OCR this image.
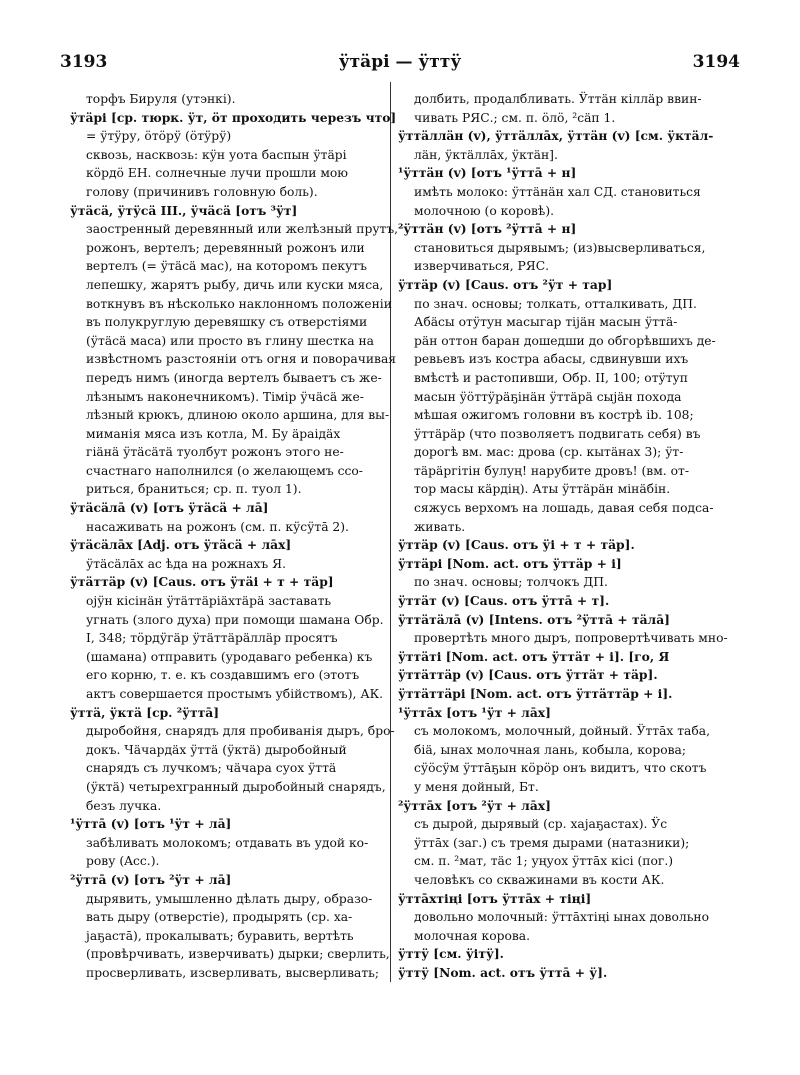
3193	ӱтäрі — ӱттӱ	3194
торфъ Бируля (утэнкі).
ӱтäрі [ср. тюрк. ӱт, ӧт проходить черезъ что]
= ӱтӱру, ӧтӧрӱ (ӧтӱрӱ)
сквозь, насквозь: кӱн уота баспын ӱтäрі
кӧрдӧ ЕН. солнечные лучи прошли мою
голову (причинивъ головную боль).
ӱтäсä, ӱтӱсä III., ӱчäсä [отъ ³ӱт]
заостренный деревянный или желѣзный прутъ,
рожонъ, вертелъ; деревянный рожонъ или
вертелъ (= ӱтäсä мас), на которомъ пекутъ
лепешку, жарятъ рыбу, дичь или куски мяса,
воткнувъ въ нѣсколько наклонномъ положеніи
въ полукруглую деревяшку съ отверстіями
(ӱтäсä маса) или просто въ глину шестка на
извѣстномъ разстояніи отъ огня и поворачивая
передъ нимъ (иногда вертелъ бываетъ съ же-
лѣзнымъ наконечникомъ). Тімір ӱчäсä же-
лѣзный крюкъ, длиною около аршина, для вы-
миманія мяса изъ котла, М. Бу äраідäх
гіäнä ӱтäсäтä туолбут рожонъ этого не-
счастнаго наполнился (о желающемъ ссо-
риться, браниться; ср. п. туол 1).
ӱтäсäлā (v) [отъ ӱтäсä + лā]
насаживать на рожонъ (см. п. кӱсӱтā 2).
ӱтäсäлāх [Adj. отъ ӱтäсä + лāх]
ӱтäсäлāх ас ѣда на рожнахъ Я.
ӱтäттäр (v) [Caus. отъ ӱтäі + т + тäр]
ојӱн кісінäн ӱтäттäріäхтäрä заставать
угнать (злого духа) при помощи шамана Обр.
I, 348; тӧрдӱгäр ӱтäттäрäллäр просятъ
(шамана) отправить (уродаваго ребенка) къ
его корню, т. е. къ создавшимъ его (этотъ
актъ совершается простымъ убійствомъ), АК.
ӱттä, ӱктä [ср. ²ӱттā]
дыробойня, снарядъ для пробиванія дыръ, бро-
докъ. Чäчардäх ӱттä (ӱктä) дыробойный
снарядъ съ лучкомъ; чäчара суох ӱттä
(ӱктä) четырехгранный дыробойный снарядъ,
безъ лучка.
¹ӱттā (v) [отъ ¹ӱт + лā]
забѣливать молокомъ; отдавать въ удой ко-
рову (Acc.).
²ӱттā (v) [отъ ²ӱт + лā]
дырявить, умышленно дѣлать дыру, образо-
вать дыру (отверстіе), продырять (ср. ха-
јаҕастā), прокалывать; буравить, вертѣть
(провѣрчивать, изверчивать) дырки; сверлить,
просверливать, изсверливать, высверливать;
долбить, продалбливать. Ӱттäн кіллäр ввин-
чивать РЯС.; см. п. ӧлӧ, ²сäп 1.
ӱттäллäн (v), ӱттäллāх, ӱттäн (v) [см. ӱктäл-
лäн, ӱктäллāх, ӱктäн].
¹ӱттäн (v) [отъ ¹ӱттā + н]
имѣть молоко: ӱттäнäн хал СД. становиться
молочною (о коровѣ).
²ӱттäн (v) [отъ ²ӱттā + н]
становиться дырявымъ; (из)высверливаться,
изверчиваться, РЯС.
ӱттäр (v) [Caus. отъ ²ӱт + тар]
по знач. основы; толкать, отталкивать, ДП.
Абäсы отӱтун масыгар тіјäн масын ӱттä-
рäн оттон баран дошедши до обгорѣвшихъ де-
ревьевъ изъ костра абасы, сдвинувши ихъ
вмѣстѣ и растопивши, Обр. II, 100; отӱтуп
масын ӱӧттӱрäҕінäн ӱттäрä сыјäн похода
мѣшая ожигомъ головни въ кострѣ ib. 108;
ӱттäрäр (что позволяетъ подвигать себя) въ
дорогѣ вм. мас: дрова (ср. кытäнах 3); ӱт-
тäрäргітін булуң! нарубите дровъ! (вм. от-
тор масы кäрдің). Аты ӱттäрäн мінäбін.
сяжусь верхомъ на лошадь, давая себя подса-
живать.
ӱттäр (v) [Caus. отъ ӱі + т + тäр].
ӱттäрі [Nom. act. отъ ӱттäр + і]
по знач. основы; толчокъ ДП.
ӱттäт (v) [Caus. отъ ӱттā + т].
ӱттäтäлā (v) [Intens. отъ ²ӱттā + тäлā]
провертѣть много дыръ, попровертѣчивать мно-
ӱттäті [Nom. act. отъ ӱттäт + і]. [го, Я
ӱттäттäр (v) [Caus. отъ ӱттäт + тäр].
ӱттäттäрі [Nom. act. отъ ӱттäттäр + і].
¹ӱттāх [отъ ¹ӱт + лāх]
съ молокомъ, молочный, дойный. Ӱттāх таба,
біä, ынах молочная лань, кобыла, корова;
сӱӧсӱм ӱттāҕын кӧрӧр онъ видитъ, что скотъ
у меня дойный, Бт.
²ӱттāх [отъ ²ӱт + лāх]
съ дырой, дырявый (ср. хајаҕастах). Ӱс
ӱттāх (заг.) съ тремя дырами (натазники);
см. п. ²мат, тäс 1; уңуох ӱттāх кісі (пог.)
человѣкъ со скважинами въ кости АК.
ӱттāхтіңі [отъ ӱттāх + тіңі]
довольно молочный: ӱттāхтіңі ынах довольно
молочная корова.
ӱттӱ [см. ӱітӱ].
ӱттӱ [Nom. act. отъ ӱттā + ӱ].
